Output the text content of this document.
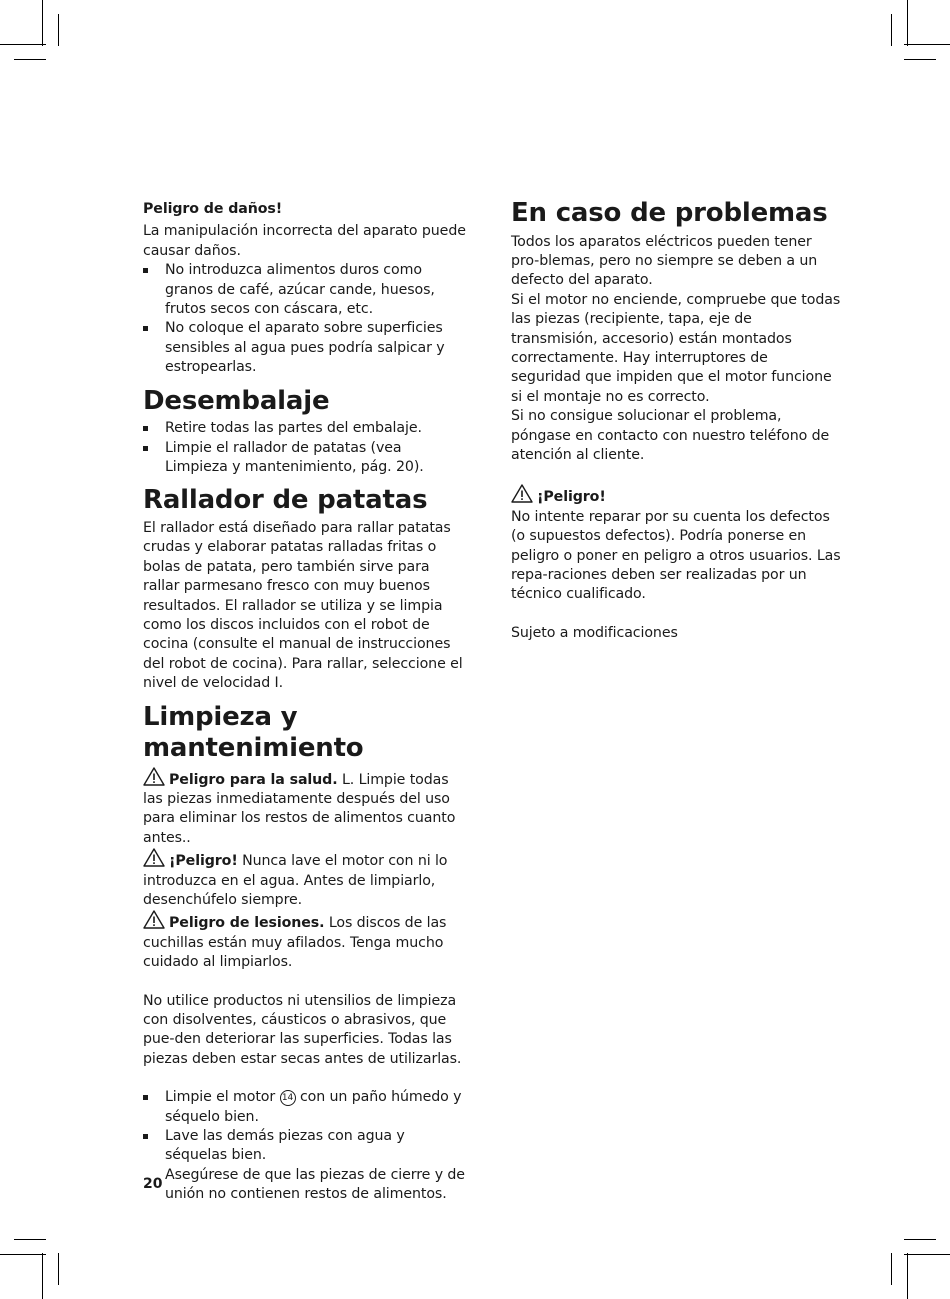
Peligro de daños!

La manipulación incorrecta del aparato puede causar daños.

No introduzca alimentos duros como granos de café, azúcar cande, huesos, frutos secos con cáscara, etc.
No coloque el aparato sobre superficies sensibles al agua pues podría salpicar y estropearlas.
Desembalaje
Retire todas las partes del embalaje.
Limpie el rallador de patatas (vea Limpieza y mantenimiento, pág. 20).
Rallador de patatas

El rallador está diseñado para rallar patatas crudas y elaborar patatas ralladas fritas o bolas de patata, pero también sirve para rallar parmesano fresco con muy buenos resultados. El rallador se utiliza y se limpia como los discos incluidos con el robot de cocina (consulte el manual de instrucciones del robot de cocina). Para rallar, seleccione el nivel de velocidad I.

Limpieza y mantenimiento

Peligro para la salud. L. Limpie todas las piezas inmediatamente después del uso para eliminar los restos de alimentos cuanto antes..

¡Peligro! Nunca lave el motor con ni lo introduzca en el agua. Antes de limpiarlo, desenchúfelo siempre.

Peligro de lesiones. Los discos de las cuchillas están muy afilados. Tenga mucho cuidado al limpiarlos.

No utilice productos ni utensilios de limpieza con disolventes, cáusticos o abrasivos, que pue-den deteriorar las superficies. Todas las piezas deben estar secas antes de utilizarlas.

Limpie el motor 14 con un paño húmedo y séquelo bien.
Lave las demás piezas con agua y séquelas bien.
Asegúrese de que las piezas de cierre y de unión no contienen restos de alimentos.
En caso de problemas

Todos los aparatos eléctricos pueden tener pro-blemas, pero no siempre se deben a un defecto del aparato.

Si el motor no enciende, compruebe que todas las piezas (recipiente, tapa, eje de transmisión, accesorio) están montados correctamente. Hay interruptores de seguridad que impiden que el motor funcione si el montaje no es correcto.

Si no consigue solucionar el problema, póngase en contacto con nuestro teléfono de atención al cliente.

¡Peligro!

No intente reparar por su cuenta los defectos (o supuestos defectos). Podría ponerse en peligro o poner en peligro a otros usuarios. Las repa-raciones deben ser realizadas por un técnico cualificado.

Sujeto a modificaciones

20
